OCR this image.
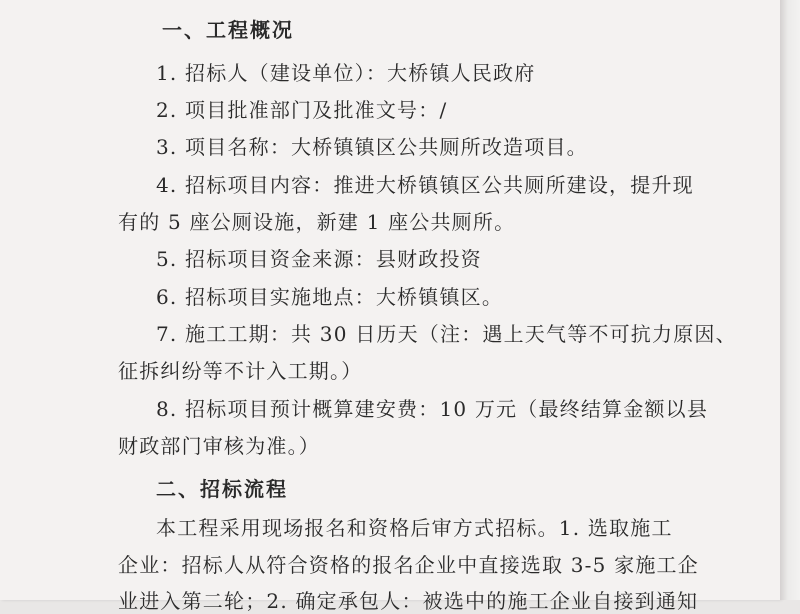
一、工程概况
1. 招标人（建设单位）：大桥镇人民政府
2. 项目批准部门及批准文号：/
3. 项目名称：大桥镇镇区公共厕所改造项目。
4. 招标项目内容：推进大桥镇镇区公共厕所建设，提升现
有的 5 座公厕设施，新建 1 座公共厕所。
5. 招标项目资金来源：县财政投资
6. 招标项目实施地点：大桥镇镇区。
7. 施工工期：共 30 日历天（注：遇上天气等不可抗力原因、
征拆纠纷等不计入工期。）
8. 招标项目预计概算建安费：10 万元（最终结算金额以县
财政部门审核为准。）
二、招标流程
本工程采用现场报名和资格后审方式招标。1. 选取施工
企业：招标人从符合资格的报名企业中直接选取 3-5 家施工企
业进入第二轮；2. 确定承包人：被选中的施工企业自接到通知
